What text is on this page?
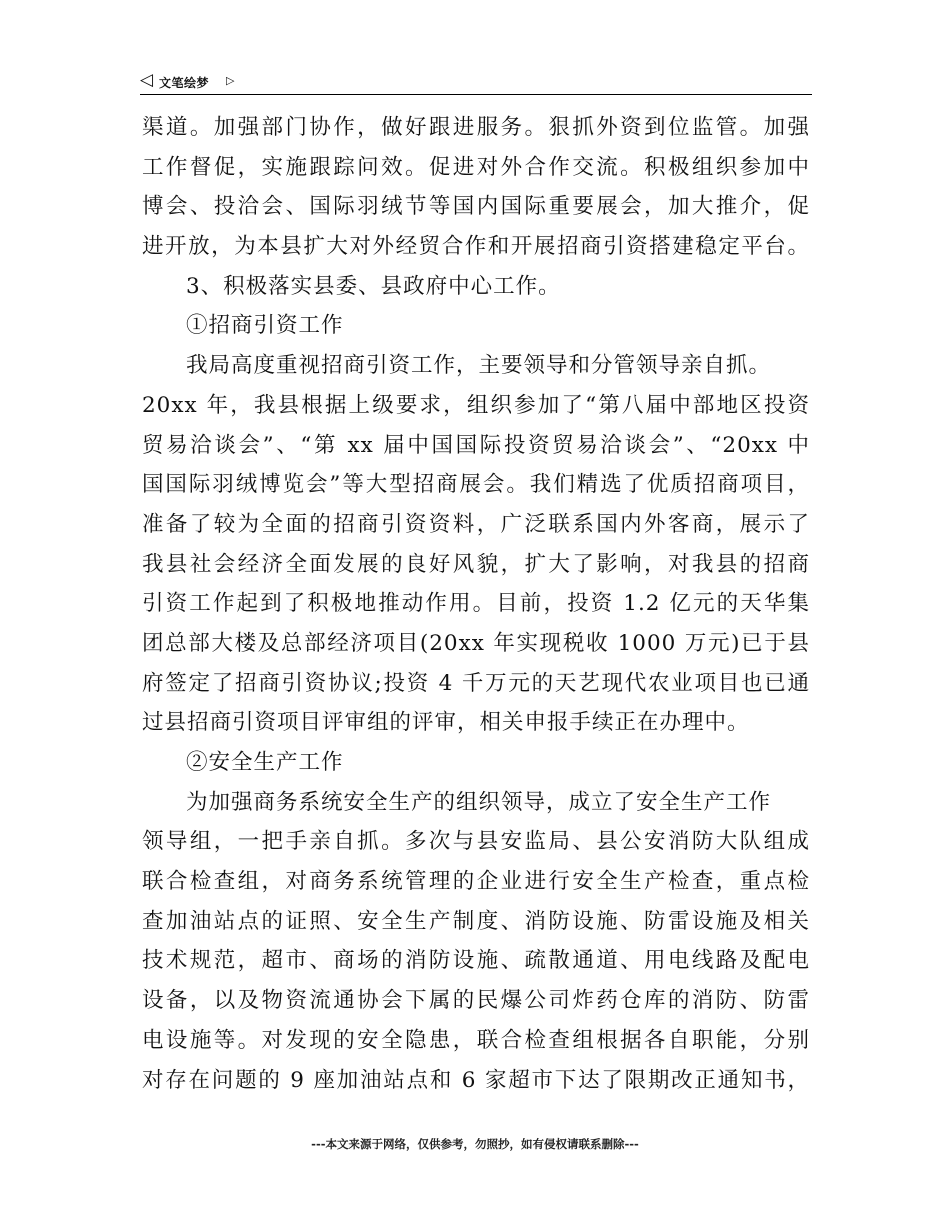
◁ 文笔绘梦 ▷
渠道。加强部门协作，做好跟进服务。狠抓外资到位监管。加强
工作督促，实施跟踪问效。促进对外合作交流。积极组织参加中
博会、投洽会、国际羽绒节等国内国际重要展会，加大推介，促
进开放，为本县扩大对外经贸合作和开展招商引资搭建稳定平台。
3、积极落实县委、县政府中心工作。
①招商引资工作
我局高度重视招商引资工作，主要领导和分管领导亲自抓。
20xx 年，我县根据上级要求，组织参加了“第八届中部地区投资
贸易洽谈会”、“第 xx 届中国国际投资贸易洽谈会”、“20xx 中
国国际羽绒博览会”等大型招商展会。我们精选了优质招商项目，
准备了较为全面的招商引资资料，广泛联系国内外客商，展示了
我县社会经济全面发展的良好风貌，扩大了影响，对我县的招商
引资工作起到了积极地推动作用。目前，投资 1.2 亿元的天华集
团总部大楼及总部经济项目(20xx 年实现税收 1000 万元)已于县
府签定了招商引资协议;投资 4 千万元的天艺现代农业项目也已通
过县招商引资项目评审组的评审，相关申报手续正在办理中。
②安全生产工作
为加强商务系统安全生产的组织领导，成立了安全生产工作
领导组，一把手亲自抓。多次与县安监局、县公安消防大队组成
联合检查组，对商务系统管理的企业进行安全生产检查，重点检
查加油站点的证照、安全生产制度、消防设施、防雷设施及相关
技术规范，超市、商场的消防设施、疏散通道、用电线路及配电
设备，以及物资流通协会下属的民爆公司炸药仓库的消防、防雷
电设施等。对发现的安全隐患，联合检查组根据各自职能，分别
对存在问题的 9 座加油站点和 6 家超市下达了限期改正通知书，
---本文来源于网络，仅供参考，勿照抄，如有侵权请联系删除---
